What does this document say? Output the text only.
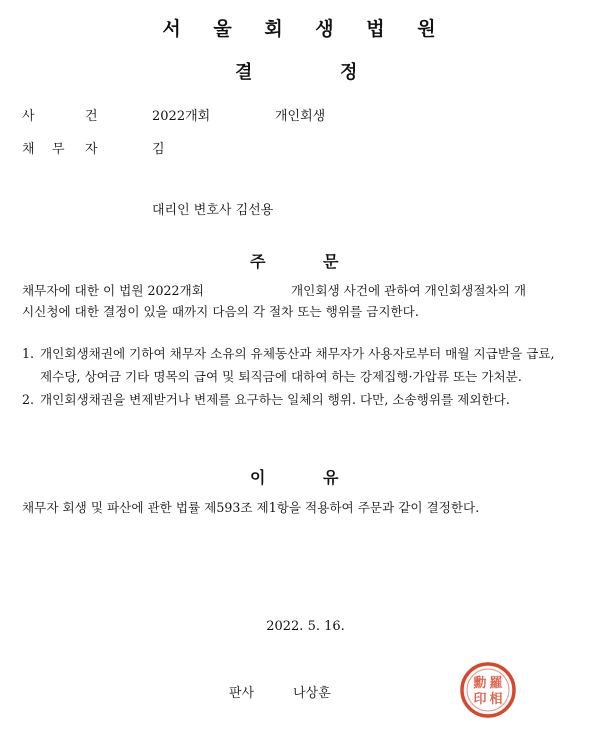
서 울 회 생 법 원
결	정
사	건	2022개회	개인회생
채 무 자	김
대리인 변호사 김선용
주	문
채무자에 대한 이 법원 2022개회	개인회생 사건에 관하여 개인회생절차의 개
시신청에 대한 결정이 있을 때까지 다음의 각 절차 또는 행위를 금지한다.
1. 개인회생채권에 기하여 채무자 소유의 유체동산과 채무자가 사용자로부터 매월 지급받을 급료, 제수당, 상여금 기타 명목의 급여 및 퇴직금에 대하여 하는 강제집행·가압류 또는 가처분.
2. 개인회생채권을 변제받거나 변제를 요구하는 일체의 행위. 다만, 소송행위를 제외한다.
이	유
채무자 회생 및 파산에 관한 법률 제593조 제1항을 적용하여 주문과 같이 결정한다.
2022. 5. 16.
판사	나상훈
羅
相
印
勳
